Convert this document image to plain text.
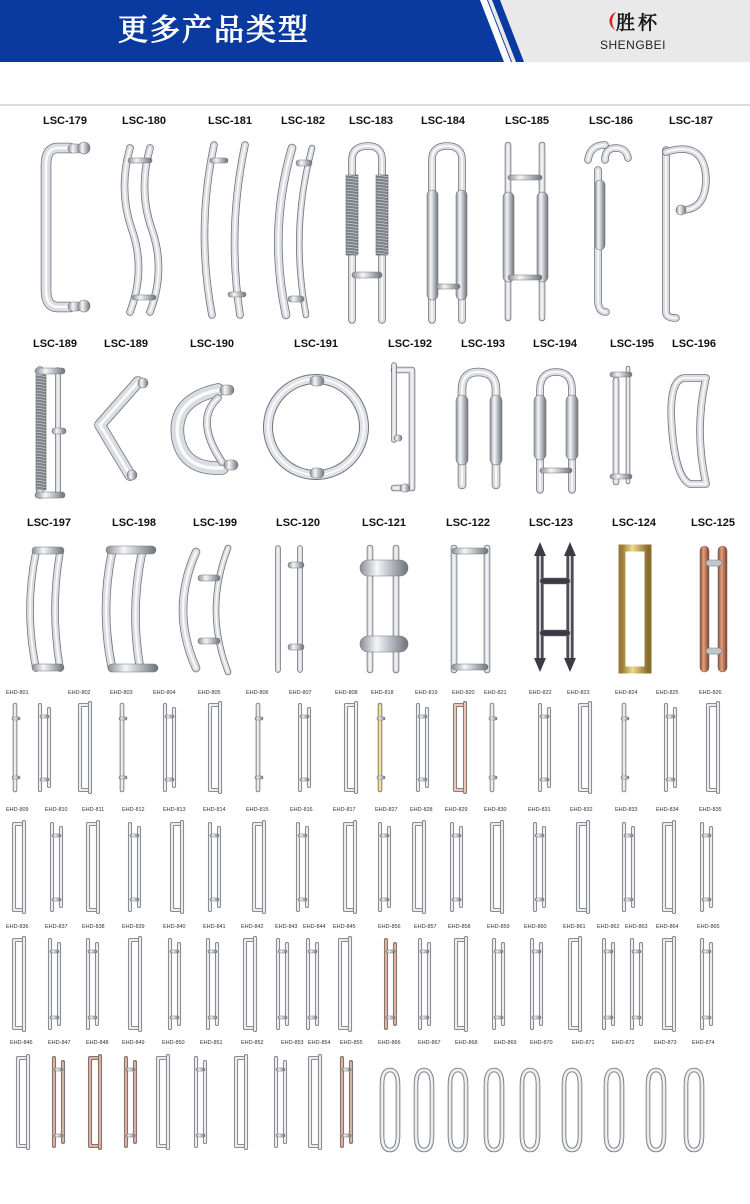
更多产品类型	胜杯
SHENGBEI
LSC-179	LSC-180	LSC-181	LSC-182 LSC-183	LSC-184	LSC-185	LSC-186	LSC-187
LSC-189 LSC-189	LSC-190	LSC-191	LSC-192	LSC-193	LSC-194	LSC-195 LSC-196
LSC-197	LSC-198	LSC-199	LSC-120	LSC-121	LSC-122	LSC-123	LSC-124	LSC-125
EHD-801	EHD-802	EHD-803	EHD-804	EHD-805	EHD-806	EHD-807	EHD-808 EHD-818	EHD-819	EHD-820 EHD-821	EHD-822	EHD-823	EHD-824	EHD-825	EHD-826
EHD-809	EHD-810	EHD-811	EHD-812	EHD-813	EHD-814	EHD-815	EHD-816	EHD-817	EHD-827 EHD-828 EHD-829	EHD-830	EHD-831	EHD-832	EHD-833	EHD-834	EHD-835
EHD-836	EHD-837	EHD-838	EHD-839	EHD-840	EHD-841	EHD-842 EHD-843 EHD-844 EHD-845	EHD-856 EHD-857 EHD-858	EHD-859	EHD-860	EHD-861 EHD-862 EHD-863 EHD-864	EHD-865
EHD-846	EHD-847	EHD-848 EHD-849	EHD-850	EHD-851	EHD-852	EHD-853 EHD-854 EHD-855	EHD-866	EHD-867	EHD-868	EHD-869 EHD-870	EHD-871	EHD-872	EHD-873	EHD-874
